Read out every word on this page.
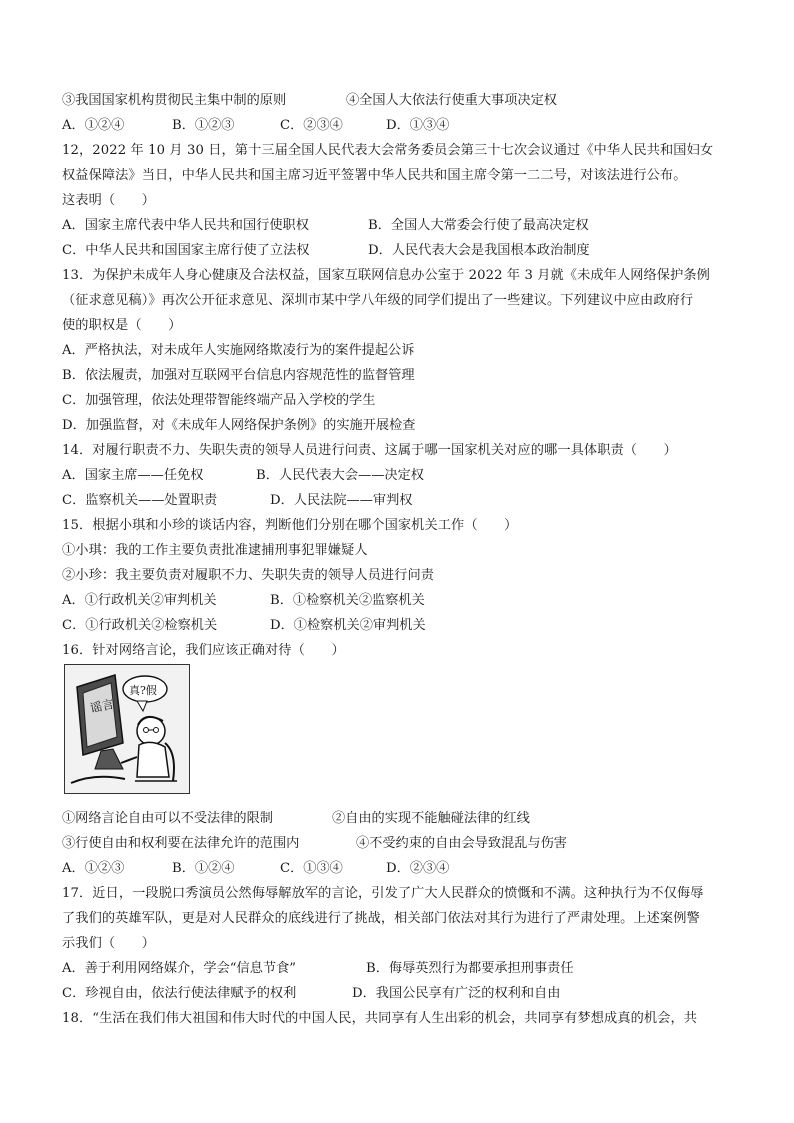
③我国国家机构贯彻民主集中制的原则	④全国人大依法行使重大事项决定权
A．①②④	B．①②③	C．②③④	D．①③④
12，2022 年 10 月 30 日，第十三届全国人民代表大会常务委员会第三十七次会议通过《中华人民共和国妇女
权益保障法》当日，中华人民共和国主席习近平签署中华人民共和国主席令第一二二号，对该法进行公布。
这表明（　　）
A．国家主席代表中华人民共和国行使职权	B．全国人大常委会行使了最高决定权
C．中华人民共和国国家主席行使了立法权	D．人民代表大会是我国根本政治制度
13．为保护未成年人身心健康及合法权益，国家互联网信息办公室于 2022 年 3 月就《未成年人网络保护条例
（征求意见稿）》再次公开征求意见、深圳市某中学八年级的同学们提出了一些建议。下列建议中应由政府行
使的职权是（　　）
A．严格执法，对未成年人实施网络欺凌行为的案件提起公诉
B．依法履责，加强对互联网平台信息内容规范性的监督管理
C．加强管理，依法处理带智能终端产品入学校的学生
D．加强监督，对《未成年人网络保护条例》的实施开展检查
14．对履行职责不力、失职失责的领导人员进行问责、这属于哪一国家机关对应的哪一具体职责（　　）
A．国家主席——任免权	B．人民代表大会——决定权
C．监察机关——处置职责	D．人民法院——审判权
15．根据小琪和小珍的谈话内容，判断他们分别在哪个国家机关工作（　　）
①小琪：我的工作主要负责批准逮捕刑事犯罪嫌疑人
②小珍：我主要负责对履职不力、失职失责的领导人员进行问责
A．①行政机关②审判机关	B．①检察机关②监察机关
C．①行政机关②检察机关	D．①检察机关②审判机关
16．针对网络言论，我们应该正确对待（　　）
谣言
真?假
①网络言论自由可以不受法律的限制	②自由的实现不能触碰法律的红线
③行使自由和权利要在法律允许的范围内	④不受约束的自由会导致混乱与伤害
A．①②③	B．①②④	C．①③④	D．②③④
17．近日，一段脱口秀演员公然侮辱解放军的言论，引发了广大人民群众的愤慨和不满。这种执行为不仅侮辱
了我们的英雄军队，更是对人民群众的底线进行了挑战，相关部门依法对其行为进行了严肃处理。上述案例警
示我们（　　）
A．善于利用网络媒介，学会“信息节食”	B．侮辱英烈行为都要承担刑事责任
C．珍视自由，依法行使法律赋予的权利	D．我国公民享有广泛的权利和自由
18．“生活在我们伟大祖国和伟大时代的中国人民，共同享有人生出彩的机会，共同享有梦想成真的机会，共
